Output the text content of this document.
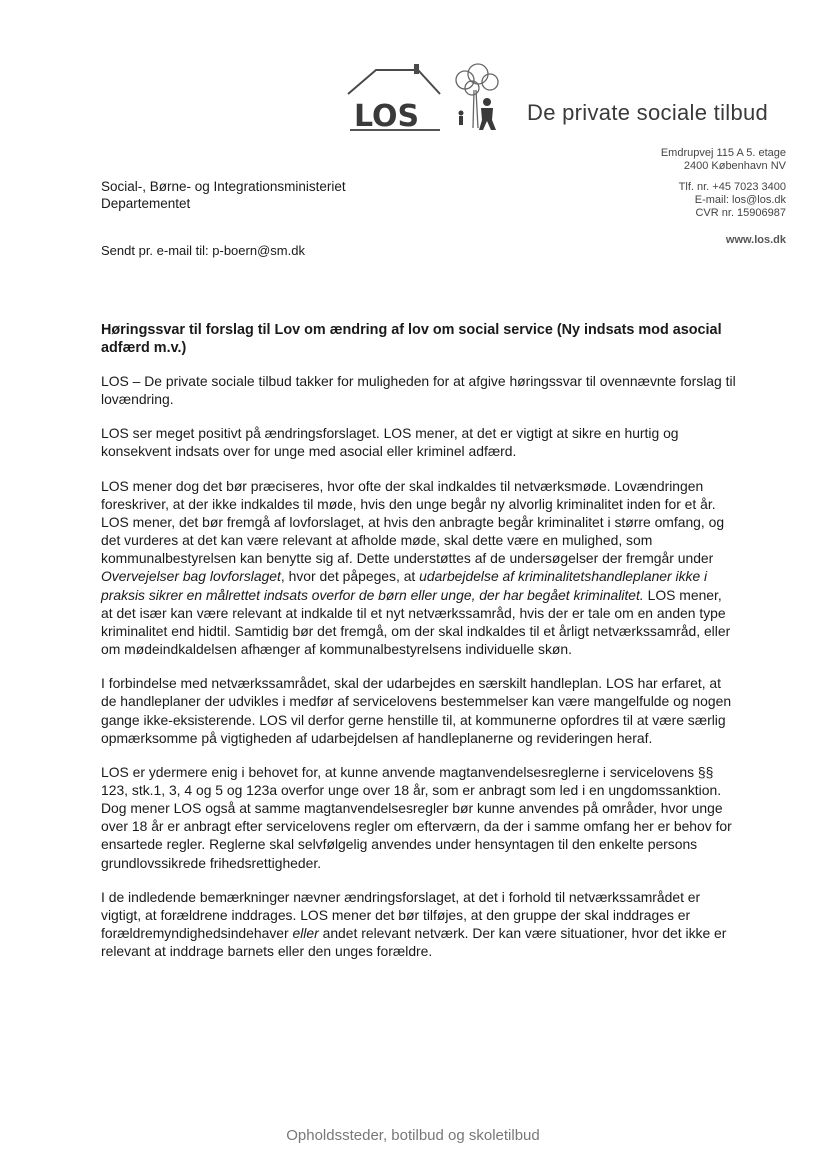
LOS	De private sociale tilbud
Emdrupvej 115 A 5. etage
2400 København NV
Tlf. nr. +45 7023 3400
E-mail: los@los.dk
CVR nr. 15906987
www.los.dk
Social-, Børne- og Integrationsministeriet
Departementet
Sendt pr. e-mail til: p-boern@sm.dk
Høringssvar til forslag til Lov om ændring af lov om social service (Ny indsats mod asocial adfærd m.v.)

LOS – De private sociale tilbud takker for muligheden for at afgive høringssvar til ovennævnte forslag til lovændring.

LOS ser meget positivt på ændringsforslaget. LOS mener, at det er vigtigt at sikre en hurtig og konsekvent indsats over for unge med asocial eller kriminel adfærd.

LOS mener dog det bør præciseres, hvor ofte der skal indkaldes til netværksmøde. Lovændringen foreskriver, at der ikke indkaldes til møde, hvis den unge begår ny alvorlig kriminalitet inden for et år. LOS mener, det bør fremgå af lovforslaget, at hvis den anbragte begår kriminalitet i større omfang, og det vurderes at det kan være relevant at afholde møde, skal dette være en mulighed, som kommunalbestyrelsen kan benytte sig af. Dette understøttes af de undersøgelser der fremgår under Overvejelser bag lovforslaget, hvor det påpeges, at udarbejdelse af kriminalitetshandleplaner ikke i praksis sikrer en målrettet indsats overfor de børn eller unge, der har begået kriminalitet. LOS mener, at det især kan være relevant at indkalde til et nyt netværkssamråd, hvis der er tale om en anden type kriminalitet end hidtil. Samtidig bør det fremgå, om der skal indkaldes til et årligt netværkssamråd, eller om mødeindkaldelsen afhænger af kommunalbestyrelsens individuelle skøn.

I forbindelse med netværkssamrådet, skal der udarbejdes en særskilt handleplan. LOS har erfaret, at de handleplaner der udvikles i medfør af servicelovens bestemmelser kan være mangelfulde og nogen gange ikke-eksisterende. LOS vil derfor gerne henstille til, at kommunerne opfordres til at være særlig opmærksomme på vigtigheden af udarbejdelsen af handleplanerne og revideringen heraf.

LOS er ydermere enig i behovet for, at kunne anvende magtanvendelsesreglerne i servicelovens §§ 123, stk.1, 3, 4 og 5 og 123a overfor unge over 18 år, som er anbragt som led i en ungdomssanktion. Dog mener LOS også at samme magtanvendelsesregler bør kunne anvendes på områder, hvor unge over 18 år er anbragt efter servicelovens regler om efterværn, da der i samme omfang her er behov for ensartede regler. Reglerne skal selvfølgelig anvendes under hensyntagen til den enkelte persons grundlovssikrede frihedsrettigheder.

I de indledende bemærkninger nævner ændringsforslaget, at det i forhold til netværkssamrådet er vigtigt, at forældrene inddrages. LOS mener det bør tilføjes, at den gruppe der skal inddrages er forældremyndighedsindehaver eller andet relevant netværk. Der kan være situationer, hvor det ikke er relevant at inddrage barnets eller den unges forældre.

Opholdssteder, botilbud og skoletilbud
